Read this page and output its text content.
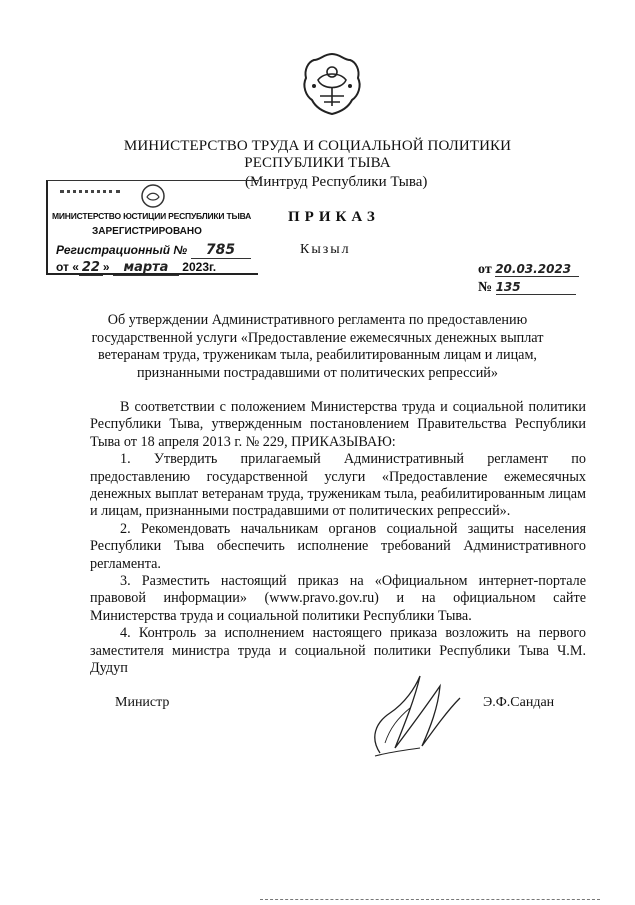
МИНИСТЕРСТВО ТРУДА И СОЦИАЛЬНОЙ ПОЛИТИКИ
РЕСПУБЛИКИ ТЫВА
(Минтруд Республики Тыва)
МИНИСТЕРСТВО ЮСТИЦИИ РЕСПУБЛИКИ ТЫВА
ЗАРЕГИСТРИРОВАНО
Регистрационный № 785
от « 22 » марта 2023г.
ПРИКАЗ
Кызыл
от 20.03.2023
№ 135
Об утверждении Административного регламента по предоставлению государственной услуги «Предоставление ежемесячных денежных выплат ветеранам труда, труженикам тыла, реабилитированным лицам и лицам, признанными пострадавшими от политических репрессий»

В соответствии с положением Министерства труда и социальной политики Республики Тыва, утвержденным постановлением Правительства Республики Тыва от 18 апреля 2013 г. № 229, ПРИКАЗЫВАЮ:

1. Утвердить прилагаемый Административный регламент по предоставлению государственной услуги «Предоставление ежемесячных денежных выплат ветеранам труда, труженикам тыла, реабилитированным лицам и лицам, признанными пострадавшими от политических репрессий».

2. Рекомендовать начальникам органов социальной защиты населения Республики Тыва обеспечить исполнение требований Административного регламента.

3. Разместить настоящий приказ на «Официальном интернет-портале правовой информации» (www.pravo.gov.ru) и на официальном сайте Министерства труда и социальной политики Республики Тыва.

4. Контроль за исполнением настоящего приказа возложить на первого заместителя министра труда и социальной политики Республики Тыва Ч.М. Дудуп

Министр	Э.Ф.Сандан
